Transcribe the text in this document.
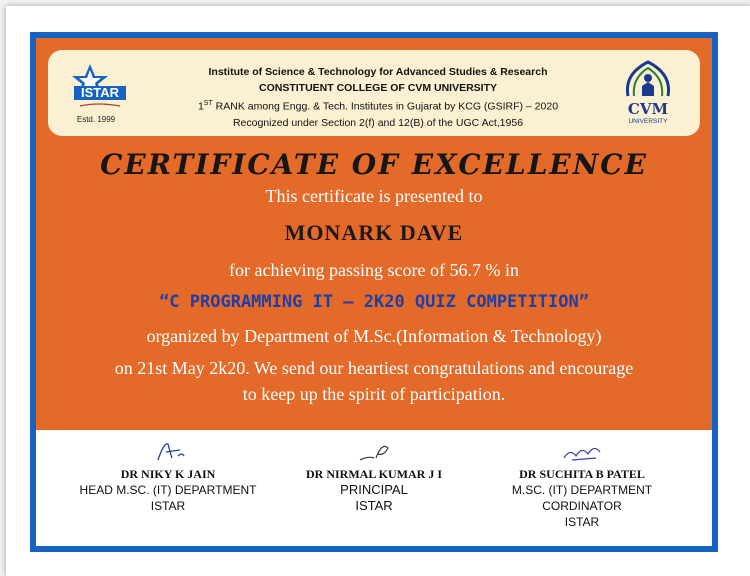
ISTAR
Estd. 1999
Institute of Science & Technology for Advanced Studies & Research
CONSTITUENT COLLEGE OF CVM UNIVERSITY
1ST RANK among Engg. & Tech. Institutes in Gujarat by KCG (GSIRF) – 2020
Recognized under Section 2(f) and 12(B) of the UGC Act,1956
CVM
UNIVERSITY
CERTIFICATE OF EXCELLENCE
This certificate is presented to
MONARK DAVE
for achieving passing score of 56.7 % in
“C PROGRAMMING IT – 2K20 QUIZ COMPETITION”
organized by Department of M.Sc.(Information & Technology)
on 21st May 2k20. We send our heartiest congratulations and encourage
to keep up the spirit of participation.
DR NIKY K JAIN
HEAD M.SC. (IT) DEPARTMENT
ISTAR
DR NIRMAL KUMAR J I
PRINCIPAL
ISTAR
DR SUCHITA B PATEL
M.SC. (IT) DEPARTMENT
CORDINATOR
ISTAR
